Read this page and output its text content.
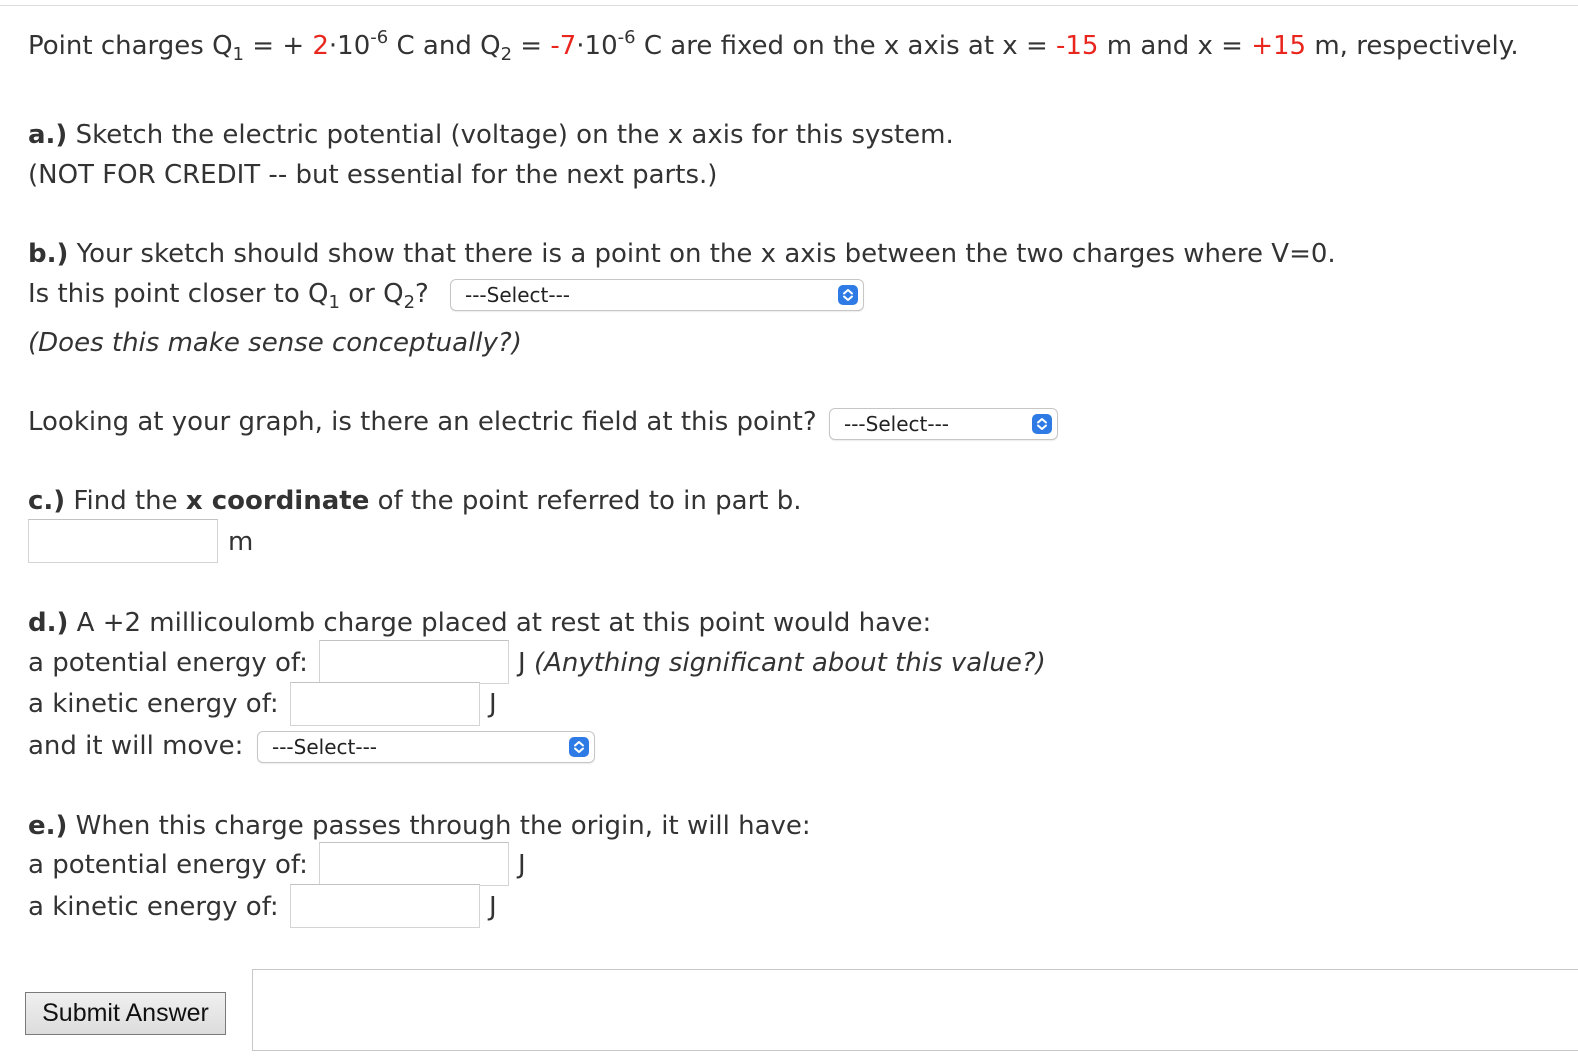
Point charges $Q_1$ = + $2\cdot 10^{-6}$ C and $Q_2 = -7\cdot 10^{-6}$ C are fixed on the x axis at x = -15 m and x = +15 m, respectively.
a.) Sketch the electric potential (voltage) on the x axis for this system.
(NOT FOR CREDIT -- but essential for the next parts.)
b.) Your sketch should show that there is a point on the x axis between the two charges where V=0.
Is this point closer to $Q_1$ or $Q_2$?	---Select---
(Does this make sense conceptually?)
Looking at your graph, is there an electric field at this point?	---Select---
c.) Find the x coordinate of the point referred to in part b.
m
d.) A +2 millicoulomb charge placed at rest at this point would have:
a potential energy of:	J (Anything significant about this value?)
a kinetic energy of:	J
and it will move:	---Select---
e.) When this charge passes through the origin, it will have:
a potential energy of:	J
a kinetic energy of:	J
Submit Answer
